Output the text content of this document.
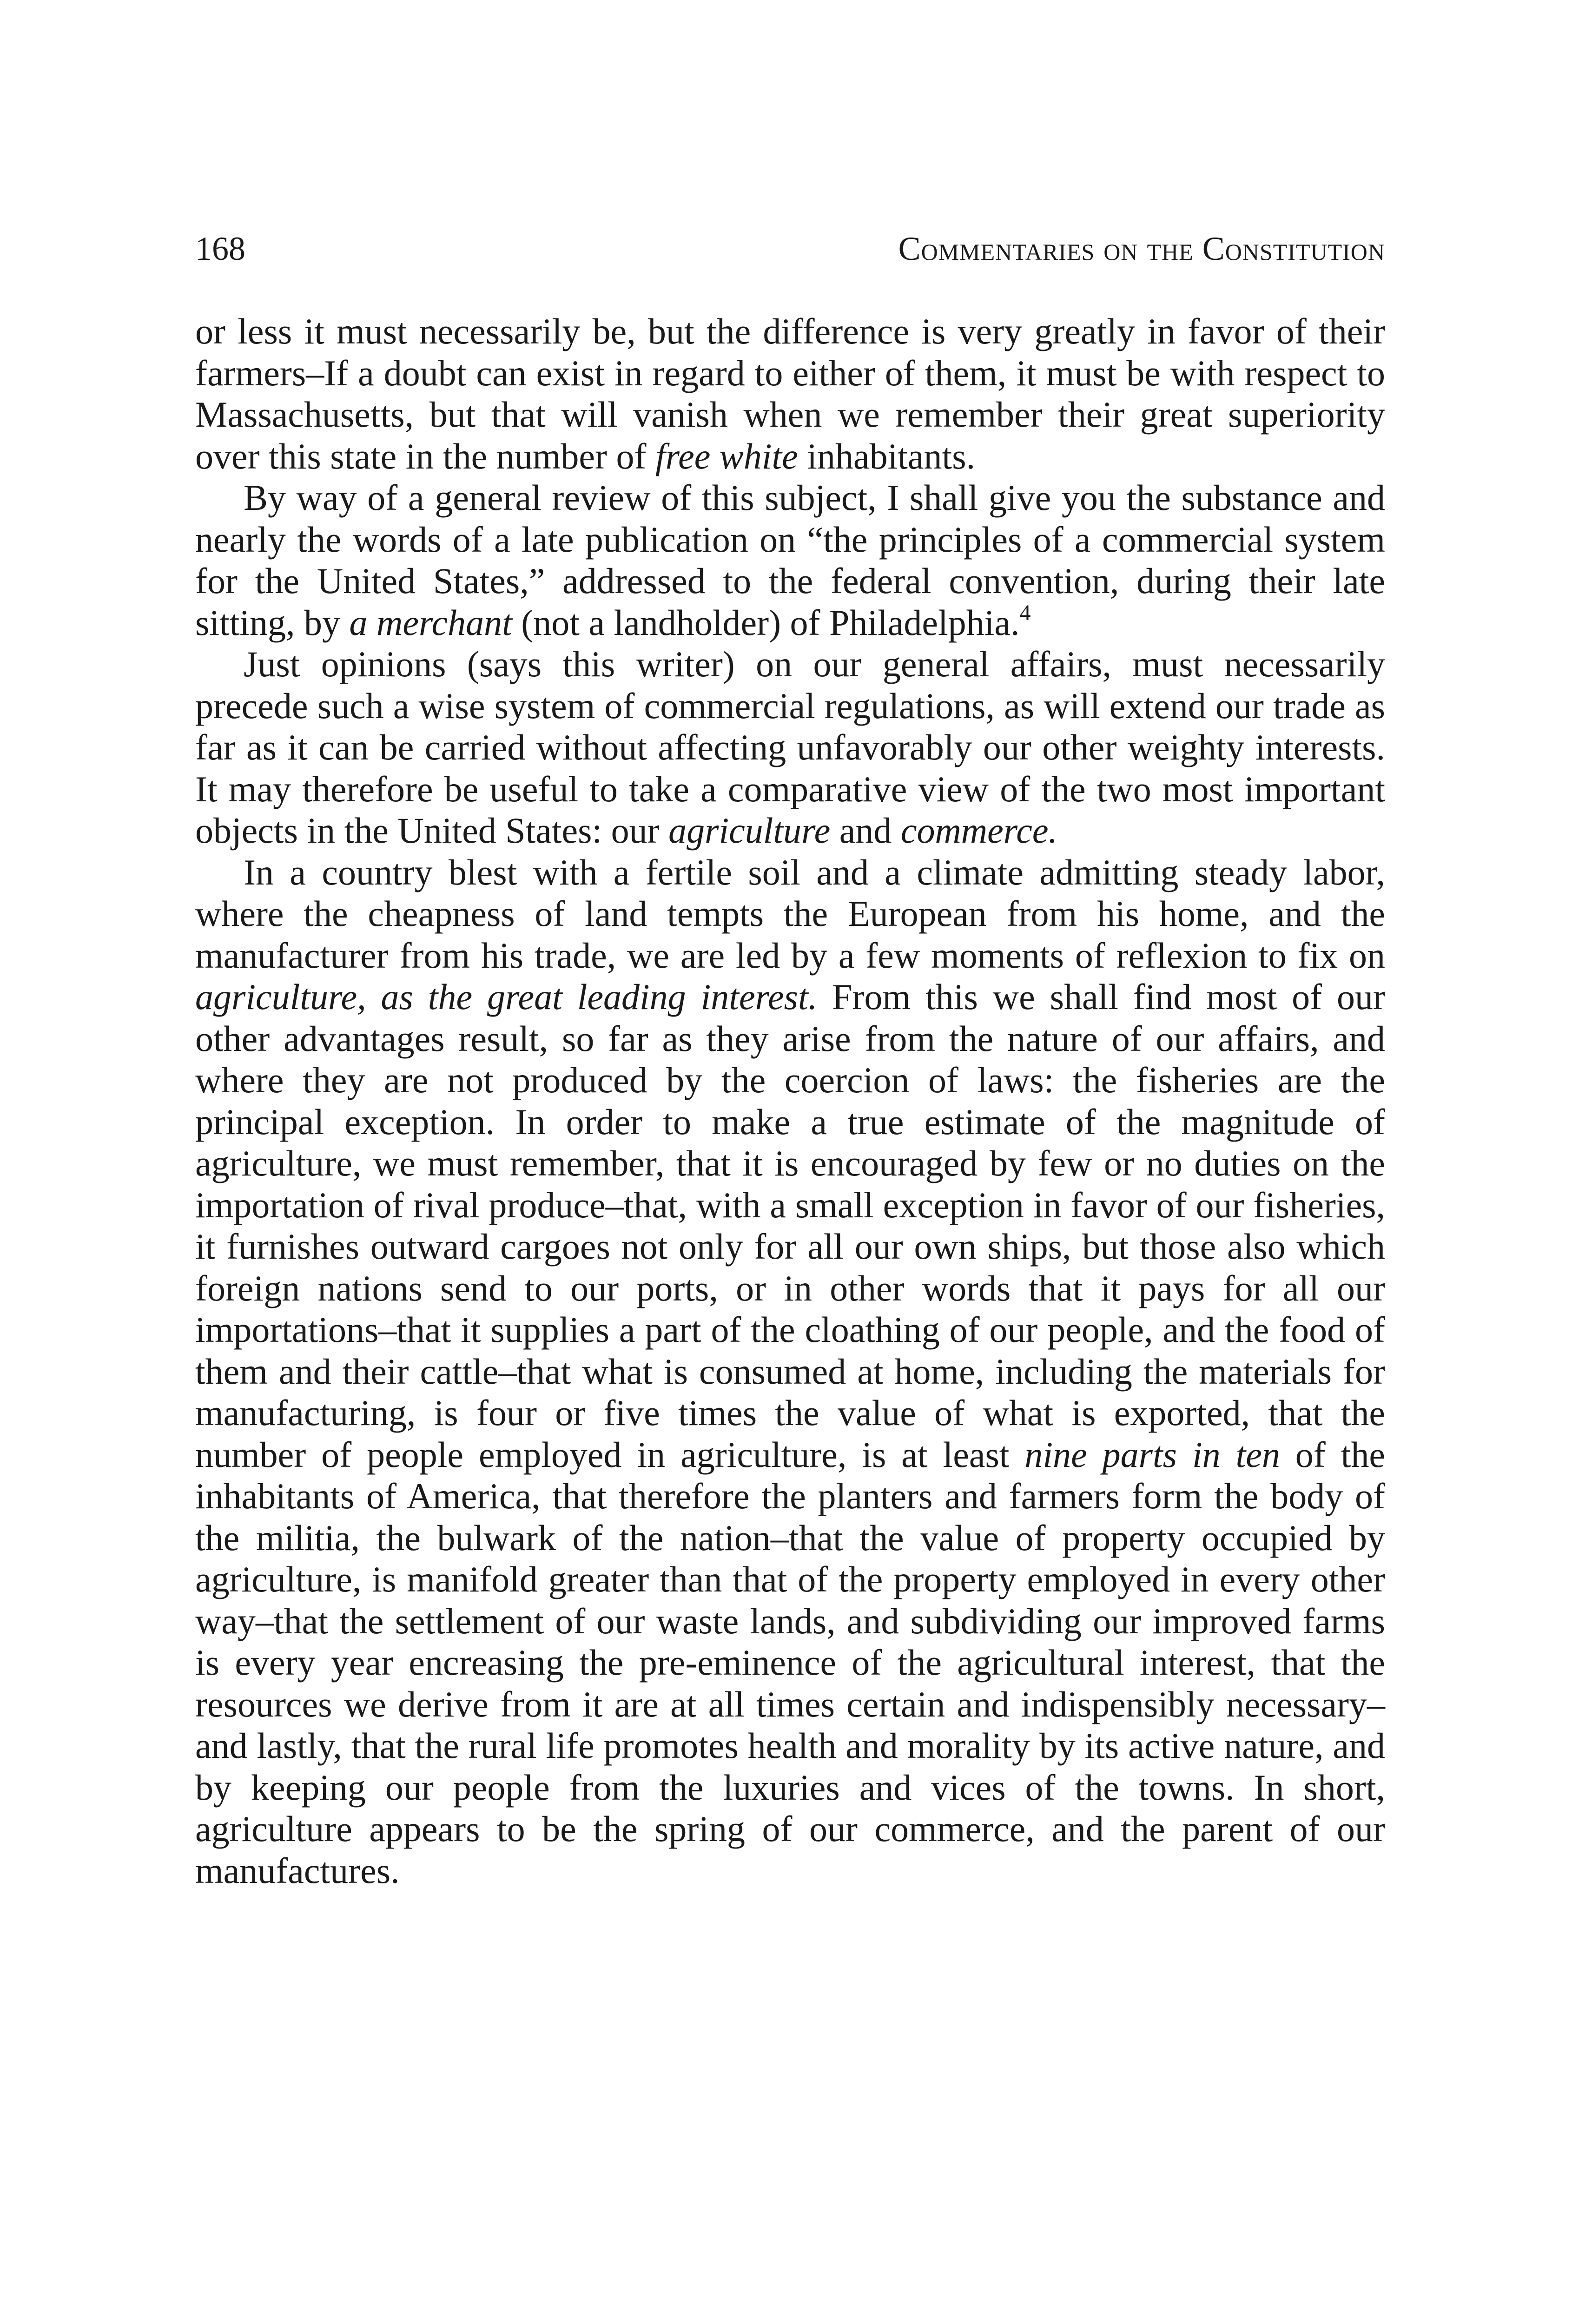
168	Commentaries on the Constitution

or less it must necessarily be, but the difference is very greatly in favor of their farmers–If a doubt can exist in regard to either of them, it must be with respect to Massachusetts, but that will vanish when we remember their great superiority over this state in the number of free white inhabitants.

By way of a general review of this subject, I shall give you the substance and nearly the words of a late publication on “the principles of a commercial system for the United States,” addressed to the federal convention, during their late sitting, by a merchant (not a landholder) of Philadelphia.$^4$

Just opinions (says this writer) on our general affairs, must necessarily precede such a wise system of commercial regulations, as will extend our trade as far as it can be carried without affecting unfavorably our other weighty interests. It may therefore be useful to take a comparative view of the two most important objects in the United States: our agriculture and commerce.

In a country blest with a fertile soil and a climate admitting steady labor, where the cheapness of land tempts the European from his home, and the manufacturer from his trade, we are led by a few moments of reflexion to fix on agriculture, as the great leading interest. From this we shall find most of our other advantages result, so far as they arise from the nature of our affairs, and where they are not produced by the coercion of laws: the fisheries are the principal exception. In order to make a true estimate of the magnitude of agriculture, we must remember, that it is encouraged by few or no duties on the importation of rival produce–that, with a small exception in favor of our fisheries, it furnishes outward cargoes not only for all our own ships, but those also which foreign nations send to our ports, or in other words that it pays for all our importations–that it supplies a part of the cloathing of our people, and the food of them and their cattle–that what is consumed at home, including the materials for manufacturing, is four or five times the value of what is exported, that the number of people employed in agriculture, is at least nine parts in ten of the inhabitants of America, that therefore the planters and farmers form the body of the militia, the bulwark of the nation–that the value of property occupied by agriculture, is manifold greater than that of the property employed in every other way–that the settlement of our waste lands, and subdividing our improved farms is every year encreasing the pre-eminence of the agricultural interest, that the resources we derive from it are at all times certain and indispensibly necessary–and lastly, that the rural life promotes health and morality by its active nature, and by keeping our people from the luxuries and vices of the towns. In short, agriculture appears to be the spring of our commerce, and the parent of our manufactures.
